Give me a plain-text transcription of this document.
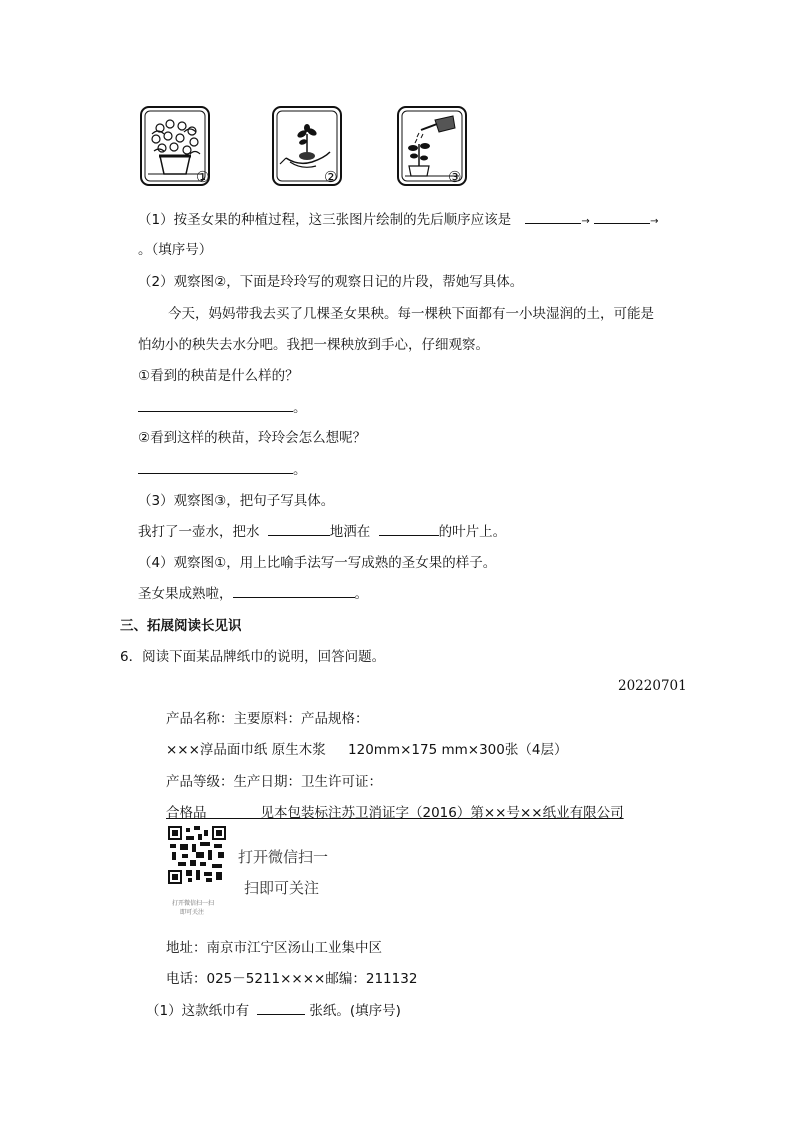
①	②	③
（1）按圣女果的种植过程，这三张图片绘制的先后顺序应该是	→	→
。（填序号）
（2）观察图②，下面是玲玲写的观察日记的片段，帮她写具体。
今天，妈妈带我去买了几棵圣女果秧。每一棵秧下面都有一小块湿润的土，可能是
怕幼小的秧失去水分吧。我把一棵秧放到手心，仔细观察。
①看到的秧苗是什么样的？
。
②看到这样的秧苗，玲玲会怎么想呢？
。
（3）观察图③，把句子写具体。
我打了一壶水，把水	地洒在	的叶片上。
（4）观察图①，用上比喻手法写一写成熟的圣女果的样子。
圣女果成熟啦，	。
三、拓展阅读长见识
6．阅读下面某品牌纸巾的说明，回答问题。
20220701
产品名称：主要原料：产品规格：
×××淳品面巾纸 原生木浆 120mm×175 mm×300张（4层）
产品等级：生产日期：卫生许可证：
合格品　　　　见本包装标注苏卫消证字（2016）第××号××纸业有限公司
打开微信扫一
扫即可关注
打开微信扫一扫
即可关注
地址：南京市江宁区汤山工业集中区
电话：025－5211××××邮编：211132
（1）这款纸巾有	张纸。(填序号)
